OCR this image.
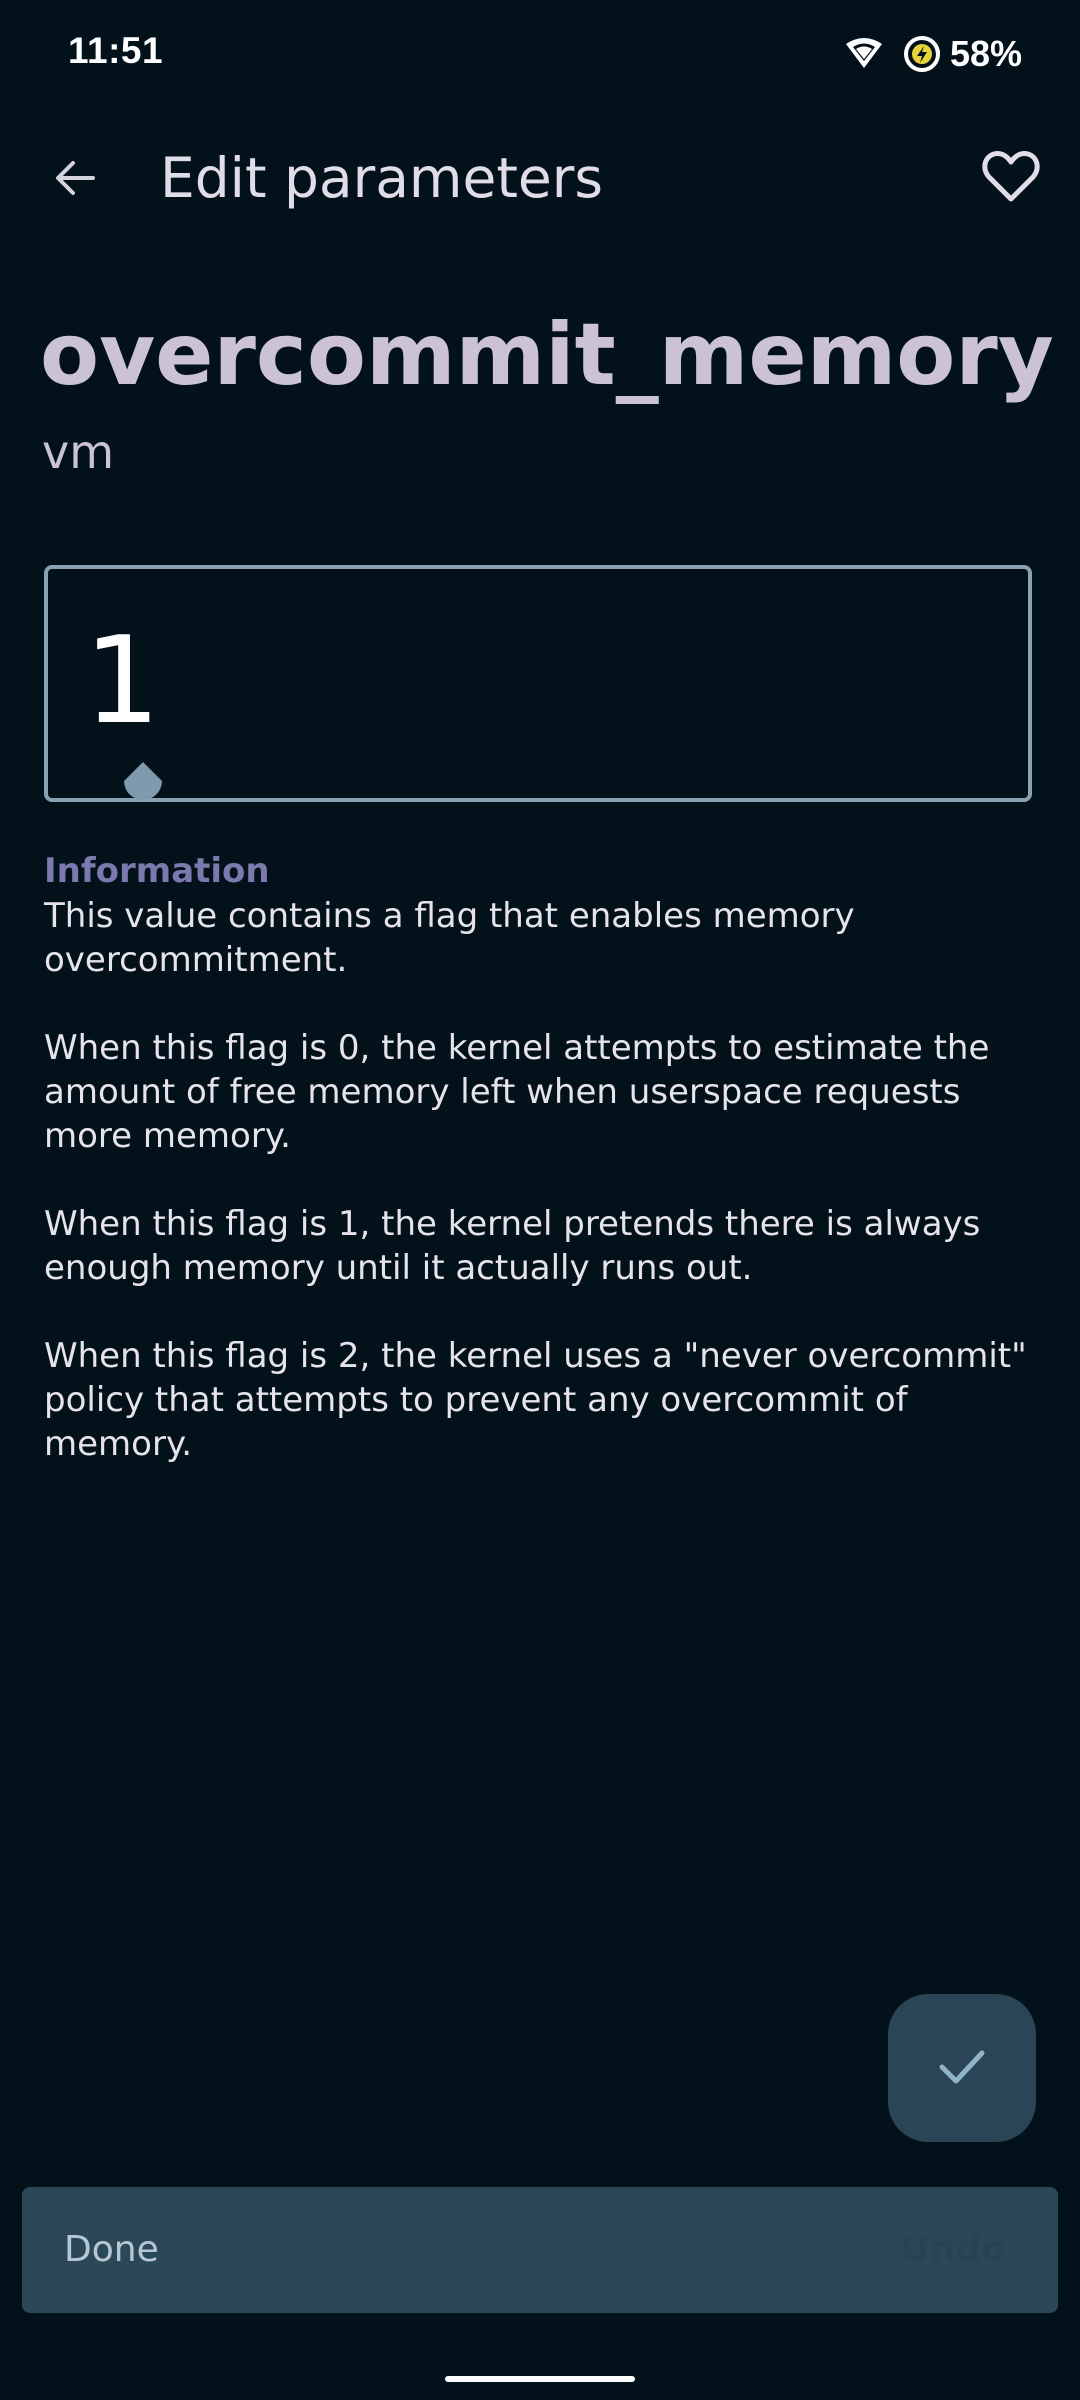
11:51	58%
Edit parameters
overcommit_memory
vm
1
Information

This value contains a flag that enables memory overcommitment.

When this flag is 0, the kernel attempts to estimate the amount of free memory left when userspace requests more memory.

When this flag is 1, the kernel pretends there is always enough memory until it actually runs out.

When this flag is 2, the kernel uses a "never overcommit" policy that attempts to prevent any overcommit of memory.

Done	Undo
